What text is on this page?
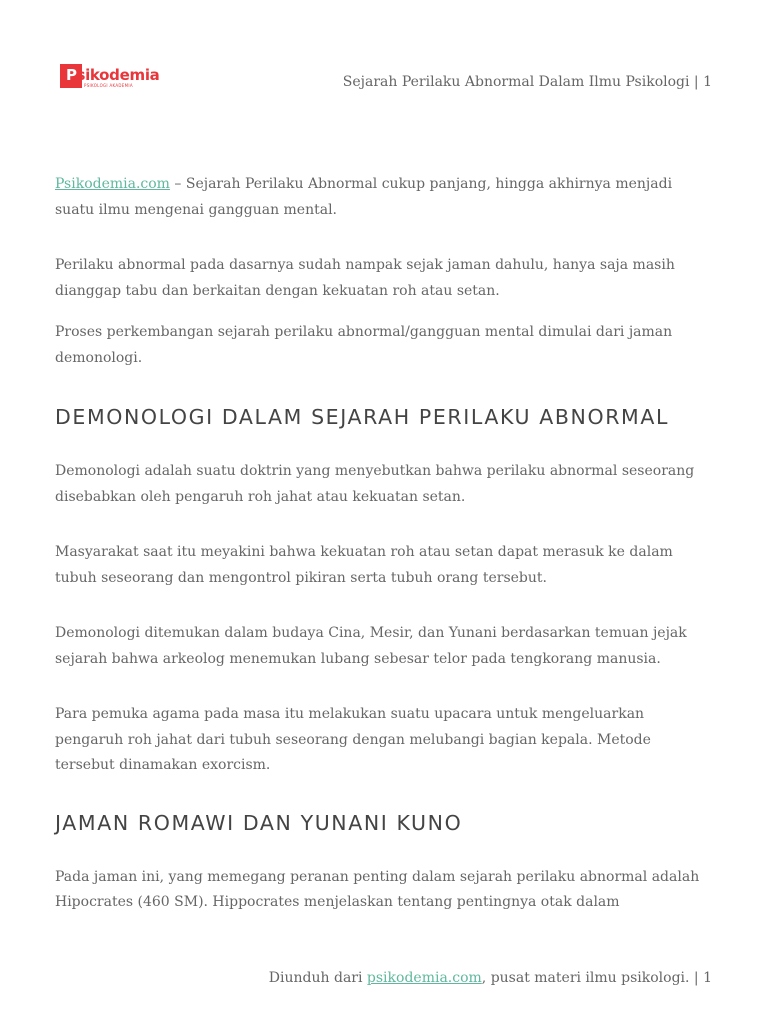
Psikodemia
PSIKOLOGI AKADEMIA	Sejarah Perilaku Abnormal Dalam Ilmu Psikologi | 1

Psikodemia.com – Sejarah Perilaku Abnormal cukup panjang, hingga akhirnya menjadi suatu ilmu mengenai gangguan mental.

Perilaku abnormal pada dasarnya sudah nampak sejak jaman dahulu, hanya saja masih dianggap tabu dan berkaitan dengan kekuatan roh atau setan.

Proses perkembangan sejarah perilaku abnormal/gangguan mental dimulai dari jaman demonologi.

DEMONOLOGI DALAM SEJARAH PERILAKU ABNORMAL

Demonologi adalah suatu doktrin yang menyebutkan bahwa perilaku abnormal seseorang disebabkan oleh pengaruh roh jahat atau kekuatan setan.

Masyarakat saat itu meyakini bahwa kekuatan roh atau setan dapat merasuk ke dalam tubuh seseorang dan mengontrol pikiran serta tubuh orang tersebut.

Demonologi ditemukan dalam budaya Cina, Mesir, dan Yunani berdasarkan temuan jejak sejarah bahwa arkeolog menemukan lubang sebesar telor pada tengkorang manusia.

Para pemuka agama pada masa itu melakukan suatu upacara untuk mengeluarkan pengaruh roh jahat dari tubuh seseorang dengan melubangi bagian kepala. Metode tersebut dinamakan exorcism.

JAMAN ROMAWI DAN YUNANI KUNO

Pada jaman ini, yang memegang peranan penting dalam sejarah perilaku abnormal adalah Hipocrates (460 SM). Hippocrates menjelaskan tentang pentingnya otak dalam

Diunduh dari psikodemia.com, pusat materi ilmu psikologi. | 1
